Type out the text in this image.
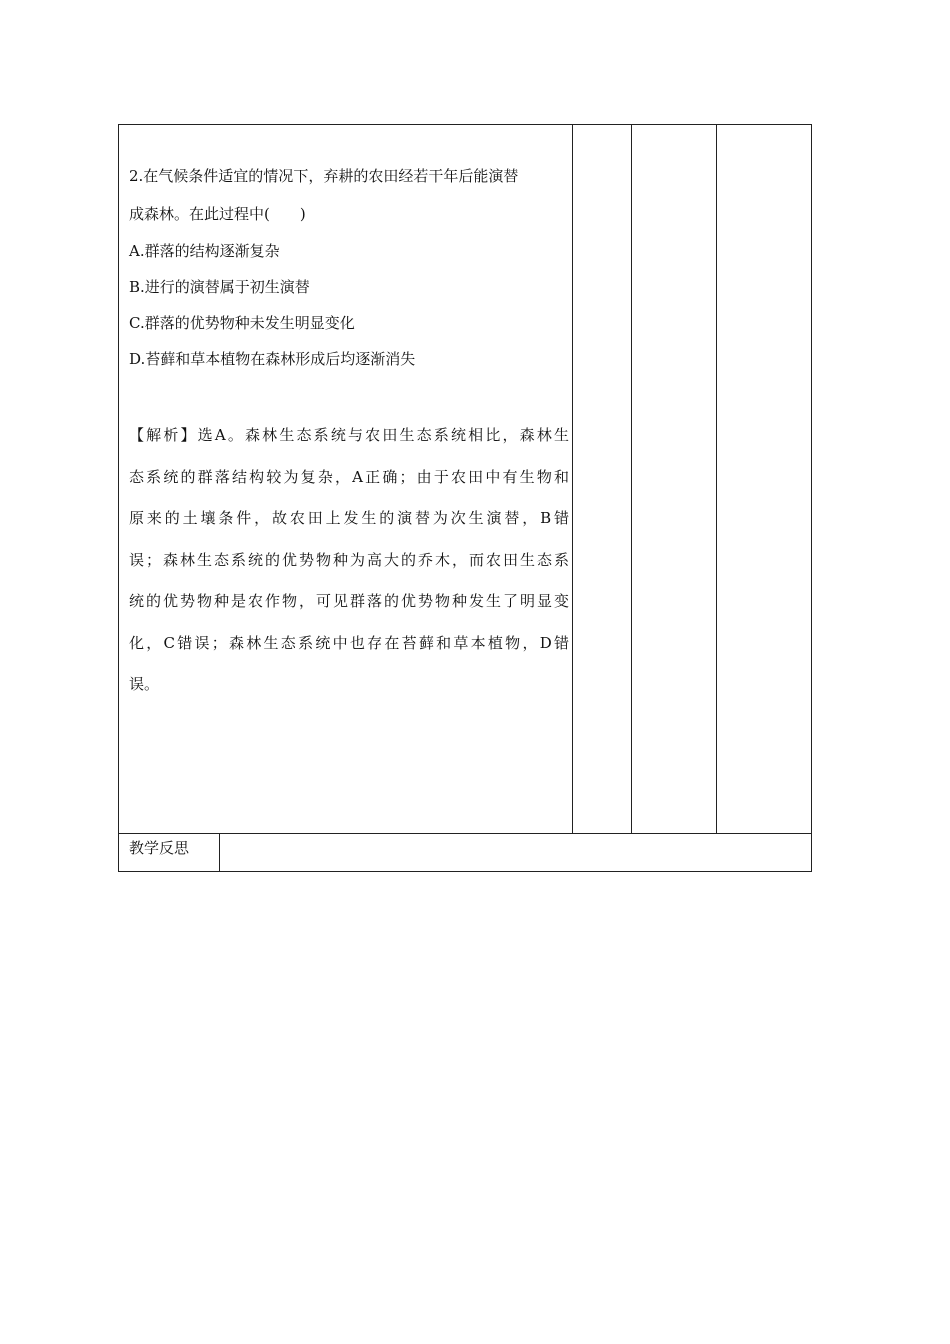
2.在气候条件适宜的情况下，弃耕的农田经若干年后能演替
成森林。在此过程中(　　)
A.群落的结构逐渐复杂
B.进行的演替属于初生演替
C.群落的优势物种未发生明显变化
D.苔藓和草本植物在森林形成后均逐渐消失
【解析】选A。森林生态系统与农田生态系统相比，森林生
态系统的群落结构较为复杂，A正确；由于农田中有生物和
原来的土壤条件，故农田上发生的演替为次生演替，B错
误；森林生态系统的优势物种为高大的乔木，而农田生态系
统的优势物种是农作物，可见群落的优势物种发生了明显变
化，C错误；森林生态系统中也存在苔藓和草本植物，D错
误。
教学反思
